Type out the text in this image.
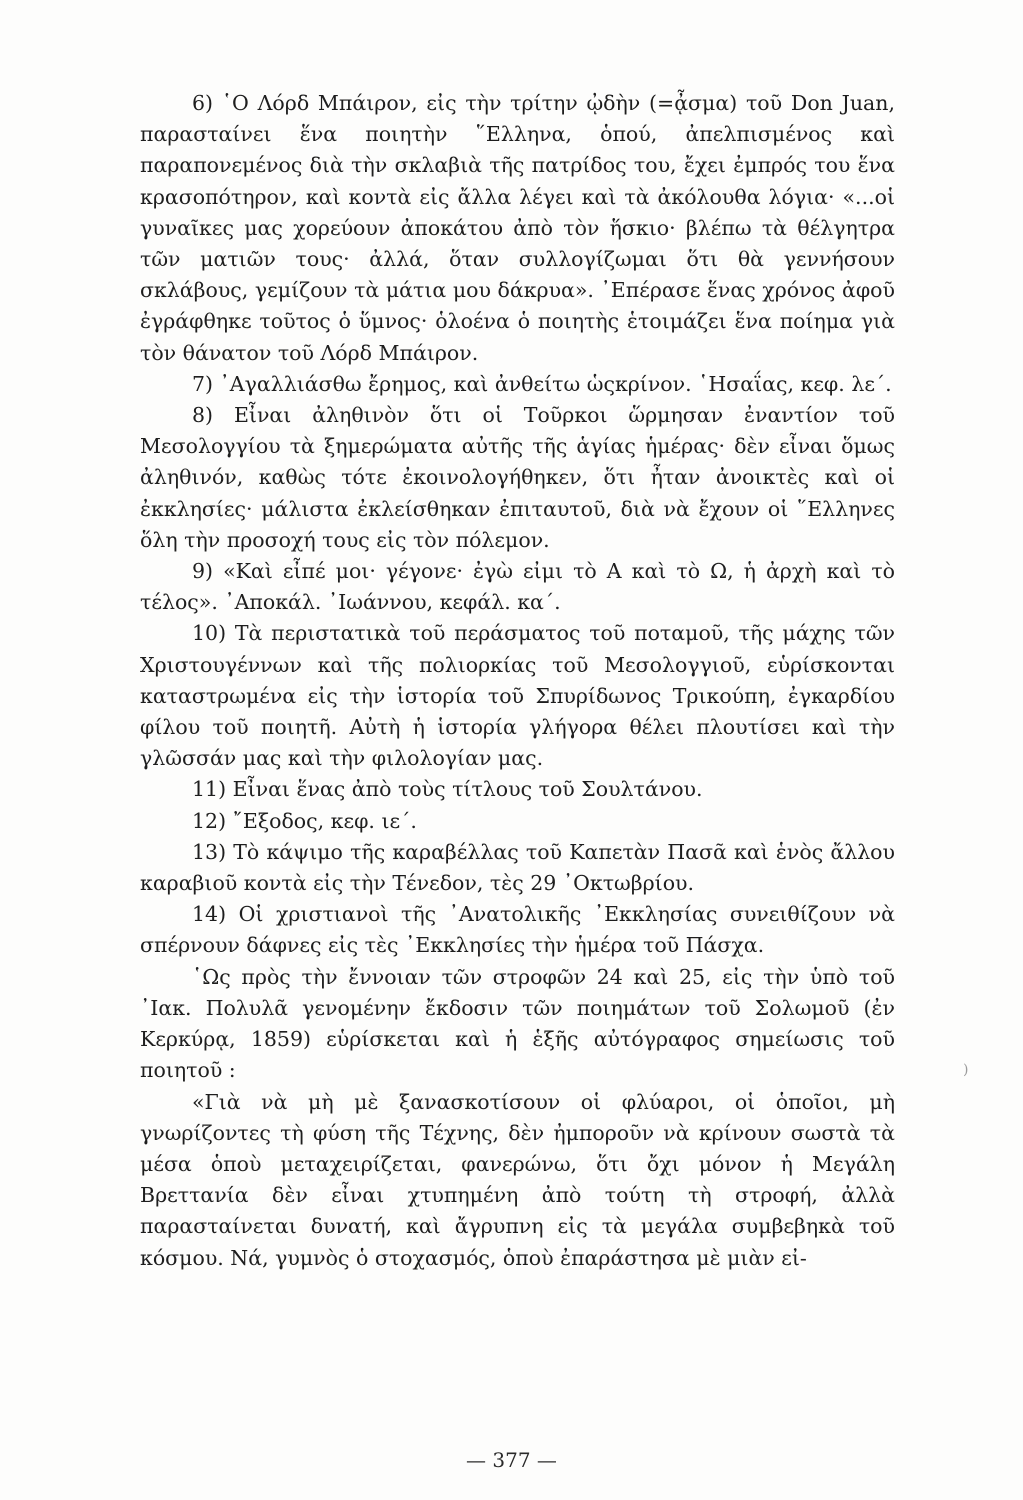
6) ῾Ο Λόρδ Μπάιρον, εἰς τὴν τρίτην ᾠδὴν (=ᾆσμα) τοῦ Don Juan, παρασταίνει ἕνα ποιητὴν ῞Ελληνα, ὁπού, ἀπελπισμένος καὶ παραπονεμένος διὰ τὴν σκλαβιὰ τῆς πατρίδος του, ἔχει ἐμπρός του ἕνα κρασοπότηρον, καὶ κοντὰ εἰς ἄλλα λέγει καὶ τὰ ἀκόλουθα λόγια· «...οἱ γυναῖκες μας χορεύουν ἀποκάτου ἀπὸ τὸν ἥσκιο· βλέπω τὰ θέλγητρα τῶν ματιῶν τους· ἀλλά, ὅταν συλλογίζωμαι ὅτι θὰ γεννήσουν σκλάβους, γεμίζουν τὰ μάτια μου δάκρυα». ᾿Επέρασε ἕνας χρόνος ἀφοῦ ἐγράφθηκε τοῦτος ὁ ὕμνος· ὁλοένα ὁ ποιητὴς ἑτοιμάζει ἕνα ποίημα γιὰ τὸν θάνατον τοῦ Λόρδ Μπάιρον.

7) ᾿Αγαλλιάσθω ἔρημος, καὶ ἀνθείτω ὡςκρίνον. ῾Ησαΐας, κεφ. λε΄.

8) Εἶναι ἀληθινὸν ὅτι οἱ Τοῦρκοι ὥρμησαν ἐναντίον τοῦ Μεσολογγίου τὰ ξημερώματα αὐτῆς τῆς ἁγίας ἡμέρας· δὲν εἶναι ὅμως ἀληθινόν, καθὼς τότε ἐκοινολογήθηκεν, ὅτι ἦταν ἀνοικτὲς καὶ οἱ ἐκκλησίες· μάλιστα ἐκλείσθηκαν ἐπιταυτοῦ, διὰ νὰ ἔχουν οἱ ῞Ελληνες ὅλη τὴν προσοχή τους εἰς τὸν πόλεμον.

9) «Καὶ εἶπέ μοι· γέγονε· ἐγὼ εἰμι τὸ Α καὶ τὸ Ω, ἡ ἀρχὴ καὶ τὸ τέλος». ᾿Αποκάλ. ᾿Ιωάννου, κεφάλ. κα΄.

10) Τὰ περιστατικὰ τοῦ περάσματος τοῦ ποταμοῦ, τῆς μάχης τῶν Χριστουγέννων καὶ τῆς πολιορκίας τοῦ Μεσολογγιοῦ, εὑρίσκονται καταστρωμένα εἰς τὴν ἱστορία τοῦ Σπυρίδωνος Τρικούπη, ἐγκαρδίου φίλου τοῦ ποιητῆ. Αὐτὴ ἡ ἱστορία γλήγορα θέλει πλουτίσει καὶ τὴν γλῶσσάν μας καὶ τὴν φιλολογίαν μας.

11) Εἶναι ἕνας ἀπὸ τοὺς τίτλους τοῦ Σουλτάνου.

12) ῎Εξοδος, κεφ. ιε΄.

13) Τὸ κάψιμο τῆς καραβέλλας τοῦ Καπετὰν Πασᾶ καὶ ἑνὸς ἄλλου καραβιοῦ κοντὰ εἰς τὴν Τένεδον, τὲς 29 ᾿Οκτωβρίου.

14) Οἱ χριστιανοὶ τῆς ᾿Ανατολικῆς ᾿Εκκλησίας συνειθίζουν νὰ σπέρνουν δάφνες εἰς τὲς ᾿Εκκλησίες τὴν ἡμέρα τοῦ Πάσχα.

῾Ως πρὸς τὴν ἔννοιαν τῶν στροφῶν 24 καὶ 25, εἰς τὴν ὑπὸ τοῦ ᾿Ιακ. Πολυλᾶ γενομένην ἔκδοσιν τῶν ποιημάτων τοῦ Σολωμοῦ (ἐν Κερκύρᾳ, 1859) εὑρίσκεται καὶ ἡ ἑξῆς αὐτόγραφος σημείωσις τοῦ ποιητοῦ :

«Γιὰ νὰ μὴ μὲ ξανασκοτίσουν οἱ φλύαροι, οἱ ὁποῖοι, μὴ γνωρίζοντες τὴ φύση τῆς Τέχνης, δὲν ἠμποροῦν νὰ κρίνουν σωστὰ τὰ μέσα ὁποὺ μεταχειρίζεται, φανερώνω, ὅτι ὄχι μόνον ἡ Μεγάλη Βρεττανία δὲν εἶναι χτυπημένη ἀπὸ τούτη τὴ στροφή, ἀλλὰ παρασταίνεται δυνατή, καὶ ἄγρυπνη εἰς τὰ μεγάλα συμβεβηκὰ τοῦ κόσμου. Νά, γυμνὸς ὁ στοχασμός, ὁποὺ ἐπαράστησα μὲ μιὰν εἰ-

)
— 377 —
